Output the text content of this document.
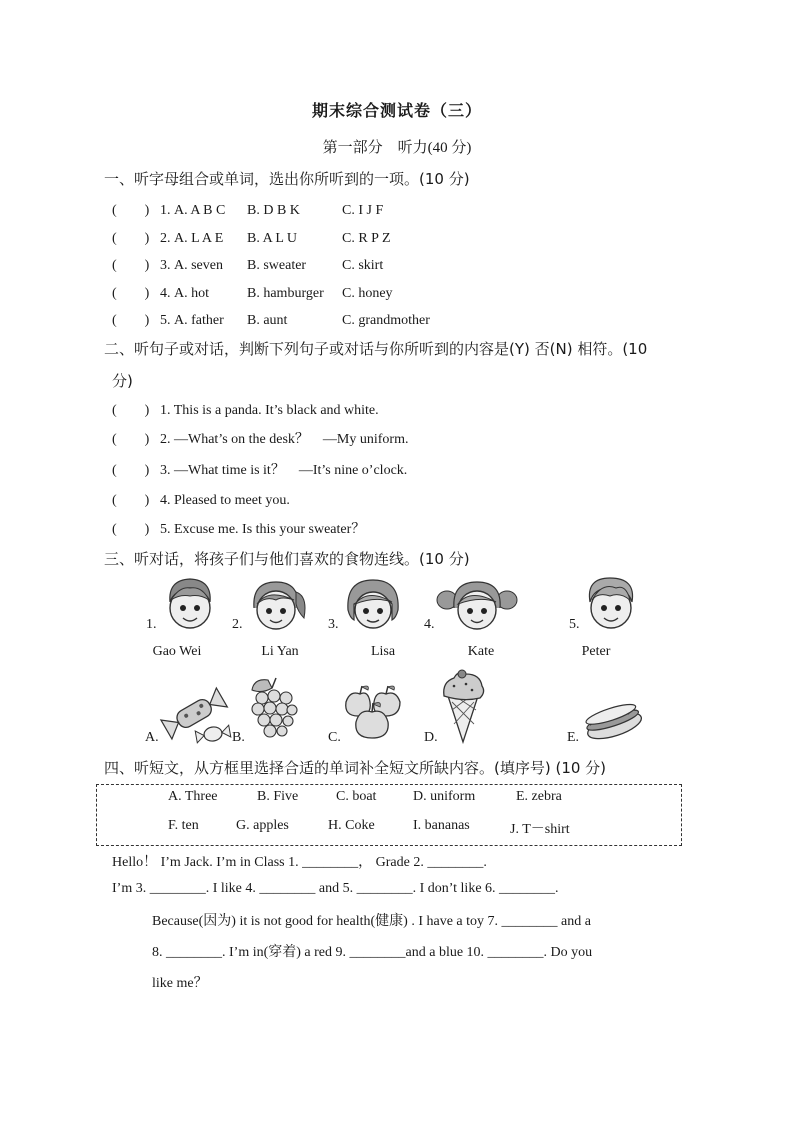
期末综合测试卷（三）
第一部分　听力(40 分)
一、听字母组合或单词，选出你所听到的一项。(10 分)
(　　) 1. A. A B C B. D B K	C. I J F
(　　) 2. A. L A E B. A L U	C. R P Z
(　　) 3. A. seven B. sweater	C. skirt
(　　) 4. A. hot	B. hamburger C. honey
(　　) 5. A. father B. aunt	C. grandmother
二、听句子或对话，判断下列句子或对话与你所听到的内容是(Y) 否(N) 相符。(10
分)
(　　) 1. This is a panda. It’s black and white.
(　　) 2. —What’s on the desk？　—My uniform.
(　　) 3. —What time is it？　—It’s nine o’clock.
(　　) 4. Pleased to meet you.
(　　) 5. Excuse me. Is this your sweater？
三、听对话，将孩子们与他们喜欢的食物连线。(10 分)
1.	2.	3.	4.	5.
Gao Wei	Li Yan	Lisa	Kate	Peter
A.	B.	C.	D.	E.
四、听短文，从方框里选择合适的单词补全短文所缺内容。(填序号) (10 分)
A. Three	B. Five	C. boat	D. uniform	E. zebra
F. ten	G. apples	H. Coke	I. bananas	J. T－shirt
Hello！ I’m Jack. I’m in Class 1. ________， Grade 2. ________.
I’m 3. ________. I like 4. ________ and 5. ________. I don’t like 6. ________.
Because(因为) it is not good for health(健康) . I have a toy 7. ________ and a
8. ________. I’m in(穿着) a red 9. ________and a blue 10. ________. Do you
like me？
